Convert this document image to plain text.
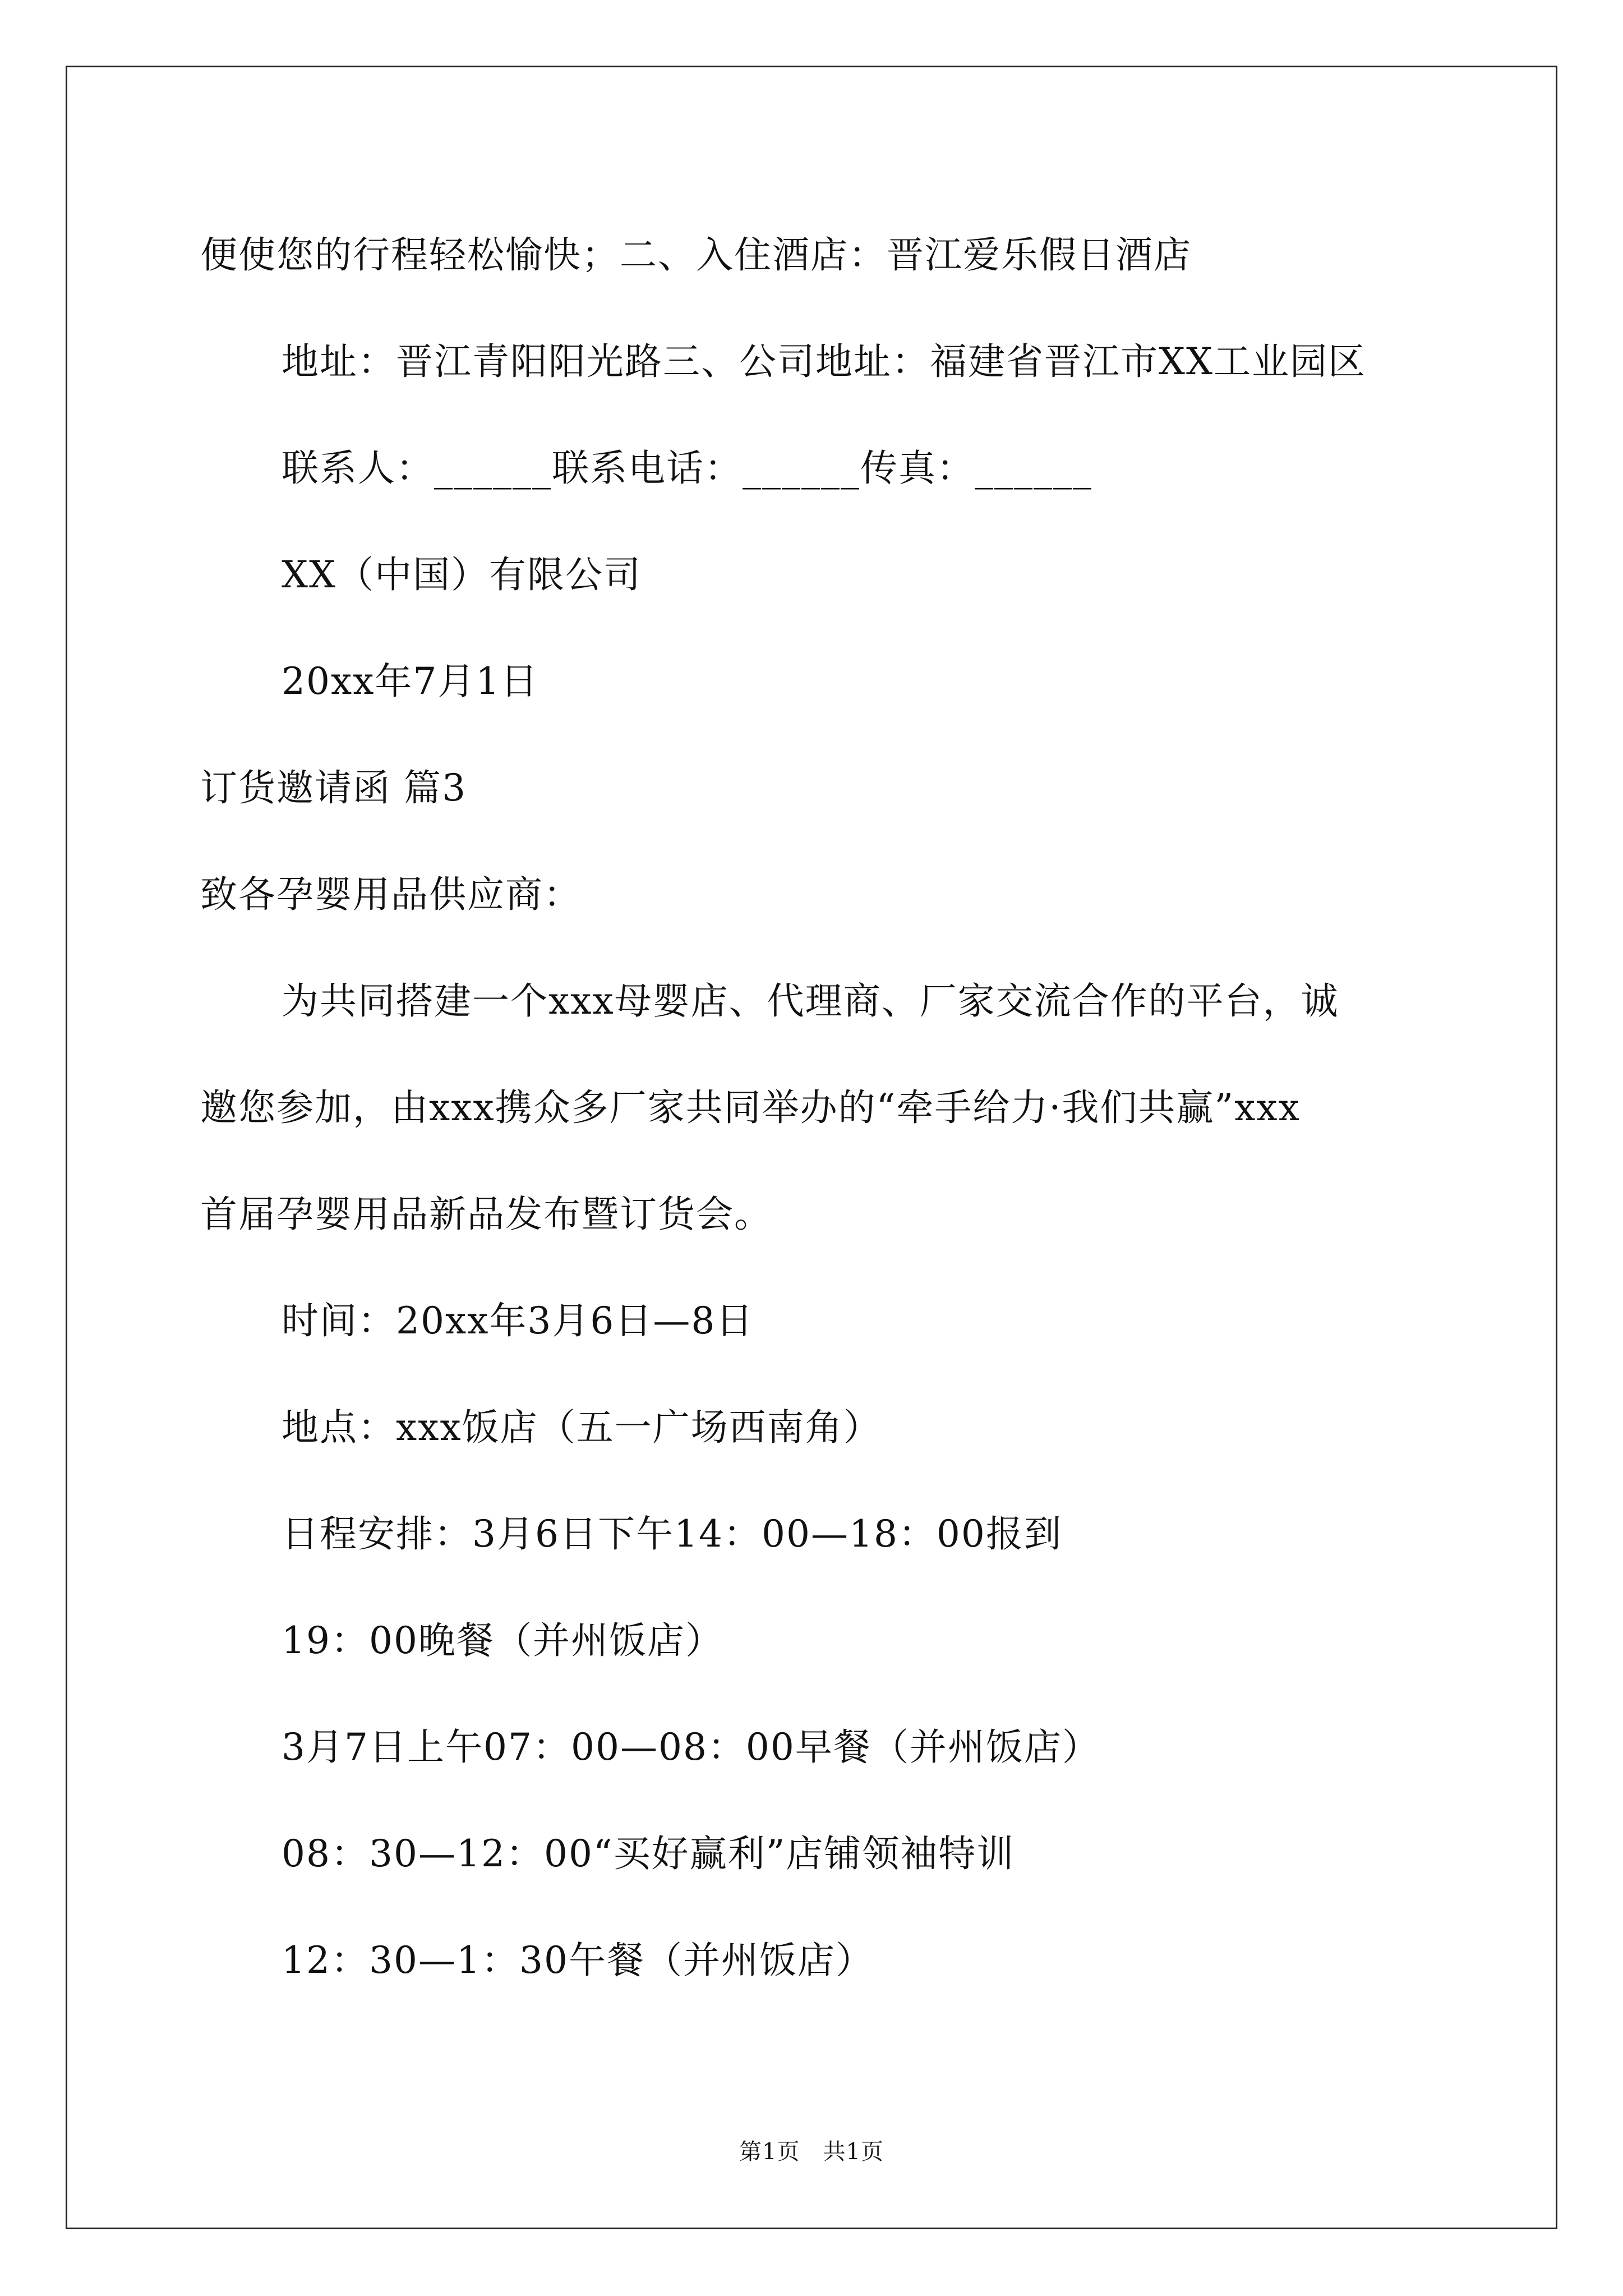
便使您的行程轻松愉快；二、入住酒店：晋江爱乐假日酒店
地址：晋江青阳阳光路三、公司地址：福建省晋江市XX工业园区
联系人：______联系电话：______传真：______
XX（中国）有限公司
20xx年7月1日
订货邀请函 篇3
致各孕婴用品供应商：
为共同搭建一个xxx母婴店、代理商、厂家交流合作的平台，诚
邀您参加，由xxx携众多厂家共同举办的“牵手给力·我们共赢”xxx
首届孕婴用品新品发布暨订货会。
时间：20xx年3月6日—8日
地点：xxx饭店（五一广场西南角）
日程安排：3月6日下午14：00—18：00报到
19：00晚餐（并州饭店）
3月7日上午07：00—08：00早餐（并州饭店）
08：30—12：00“买好赢利”店铺领袖特训
12：30—1：30午餐（并州饭店）
第1页　共1页
